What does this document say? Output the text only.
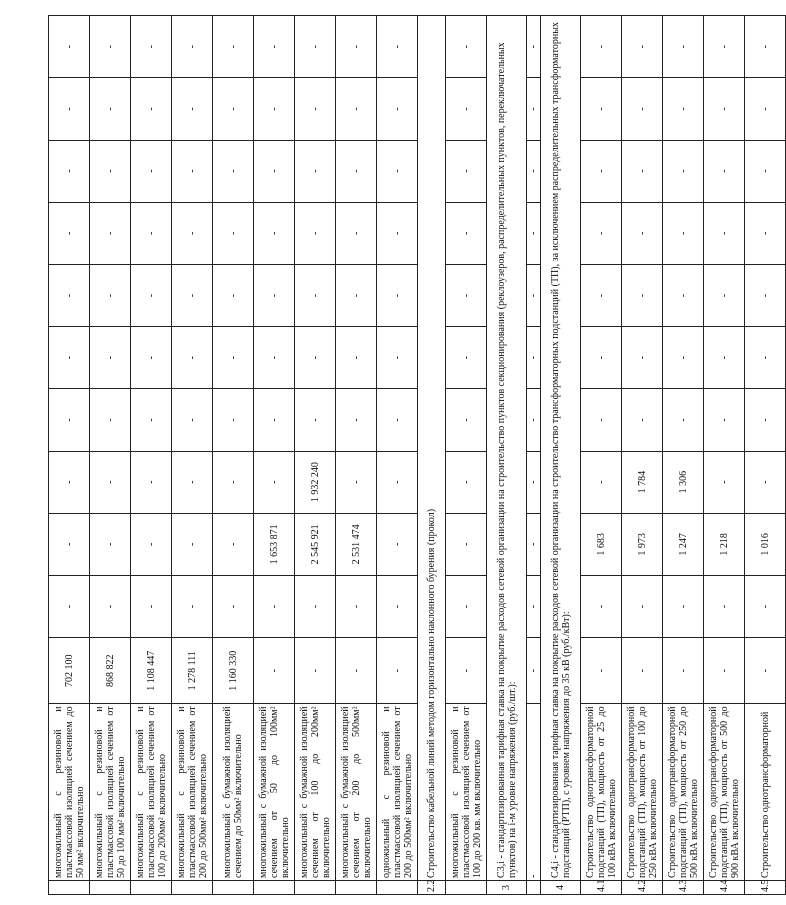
	многожильный с резиновой и пластмассовой изоляцией сечением до 50 мм² включительно	702 100	-	-	-	-	-	-	-	-	-	-
	многожильный с резиновой и пластмассовой изоляцией сечением от 50 до 100 мм² включительно	868 822	-	-	-	-	-	-	-	-	-	-
	многожильный с резиновой и пластмассовой изоляцией сечением от 100 до 200мм² включительно	1 108 447	-	-	-	-	-	-	-	-	-	-
	многожильный с резиновой и пластмассовой изоляцией сечением от 200 до 500мм² включительно	1 278 111	-	-	-	-	-	-	-	-	-	-
	многожильный с бумажной изоляцией сечением до 50мм² включительно	1 160 330	-	-	-	-	-	-	-	-	-	-
	многожильный с бумажной изоляцией сечением от 50 до 100мм² включительно	-	-	1 653 871	-	-	-	-	-	-	-	-
	многожильный с бумажной изоляцией сечением от 100 до 200мм² включительно	-	-	2 545 921	1 932 240	-	-	-	-	-	-	-
	многожильный с бумажной изоляцией сечением от 200 до 500мм² включительно	-	-	2 531 474	-	-	-	-	-	-	-	-
	одножильный с резиновой и пластмассовой изоляцией сечением от 200 до 500мм² включительно	-	-	-	-	-	-	-	-	-	-	-
2.2	Строительство кабельной линий методом горизонтально наклонного бурения (прокол)											
	многожильный с резиновой и пластмассовой изоляцией сечением от 100 до 200 кв. мм включительно	-	-	-	-	-	-	-	-	-	-	-
3	С3,i - стандартизированная тарифная ставка на покрытие расходов сетевой организации на строительство пунктов секционирования (реклоузеров, распределительных пунктов, переключательных пунктов) на i-м уровне напряжения (руб./шт.):											
	-	-	-	-	-	-	-	-	-	-	-	-
4	С4,i - стандартизированная тарифная ставка на покрытие расходов сетевой организации на строительство трансформаторных подстанций (ТП), за исключением распределительных трансформаторных подстанций (РТП), с уровнем напряжения до 35 кВ (руб./кВт):											
4.1	Строительство однотрансформаторной подстанций (ТП), мощность от 25 до 100 кВА включительно	-	-	1 683	-	-	-	-	-	-	-	-
4.2	Строительство однотрансформаторной подстанций (ТП), мощность от 100 до 250 кВА включительно	-	-	1 973	1 784	-	-	-	-	-	-	-
4.3	Строительство однотрансформаторной подстанций (ТП), мощность от 250 до 500 кВА включительно	-	-	1 247	1 306	-	-	-	-	-	-	-
4.4	Строительство однотрансформаторной подстанций (ТП), мощность от 500 до 900 кВА включительно	-	-	1 218	-	-	-	-	-	-	-	-
4.5	Строительство однотрансформаторной	-	-	1 016	-	-	-	-	-	-	-	-
